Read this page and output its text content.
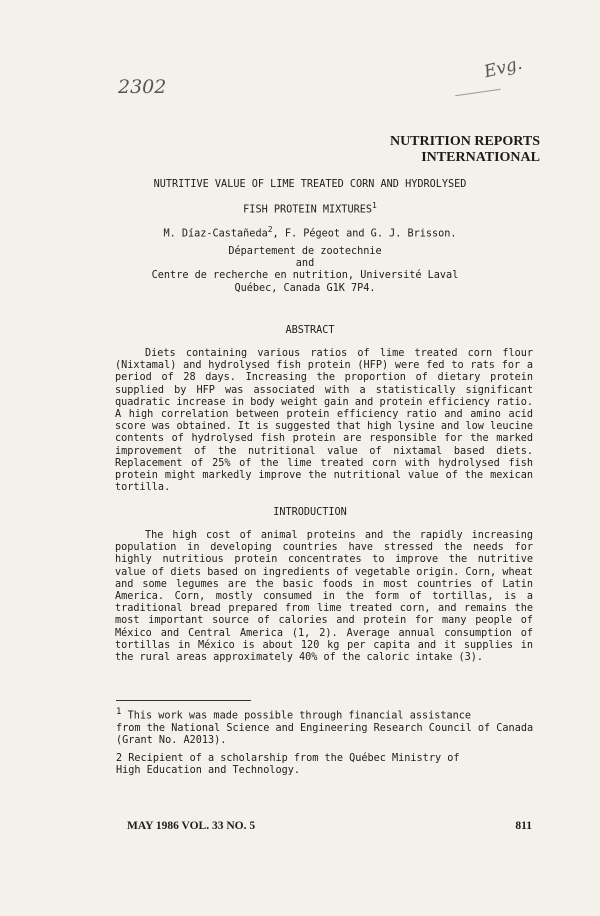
2302
Evg.
NUTRITION REPORTS INTERNATIONAL
NUTRITIVE VALUE OF LIME TREATED CORN AND HYDROLYSED
FISH PROTEIN MIXTURES$^1$
M. Díaz-Castañeda$^2$, F. Pégeot and G. J. Brisson.
Département de zootechnie
and
Centre de recherche en nutrition, Université Laval
Québec, Canada G1K 7P4.
ABSTRACT

Diets containing various ratios of lime treated corn flour (Nixtamal) and hydrolysed fish protein (HFP) were fed to rats for a period of 28 days. Increasing the proportion of dietary protein supplied by HFP was associated with a statistically significant quadratic increase in body weight gain and protein efficiency ratio. A high correlation between protein efficiency ratio and amino acid score was obtained. It is suggested that high lysine and low leucine contents of hydrolysed fish protein are responsible for the marked improvement of the nutritional value of nixtamal based diets. Replacement of 25% of the lime treated corn with hydrolysed fish protein might markedly improve the nutritional value of the mexican tortilla.

INTRODUCTION

The high cost of animal proteins and the rapidly increasing population in developing countries have stressed the needs for highly nutritious protein concentrates to improve the nutritive value of diets based on ingredients of vegetable origin. Corn, wheat and some legumes are the basic foods in most countries of Latin America. Corn, mostly consumed in the form of tortillas, is a traditional bread prepared from lime treated corn, and remains the most important source of calories and protein for many people of México and Central America (1, 2). Average annual consumption of tortillas in México is about 120 kg per capita and it supplies in the rural areas approximately 40% of the caloric intake (3).

$^1$ This work was made possible through financial assistance
from the National Science and Engineering Research Council of Canada (Grant No. A2013).
2 Recipient of a scholarship from the Québec Ministry of
High Education and Technology.
MAY 1986 VOL. 33 NO. 5	811
